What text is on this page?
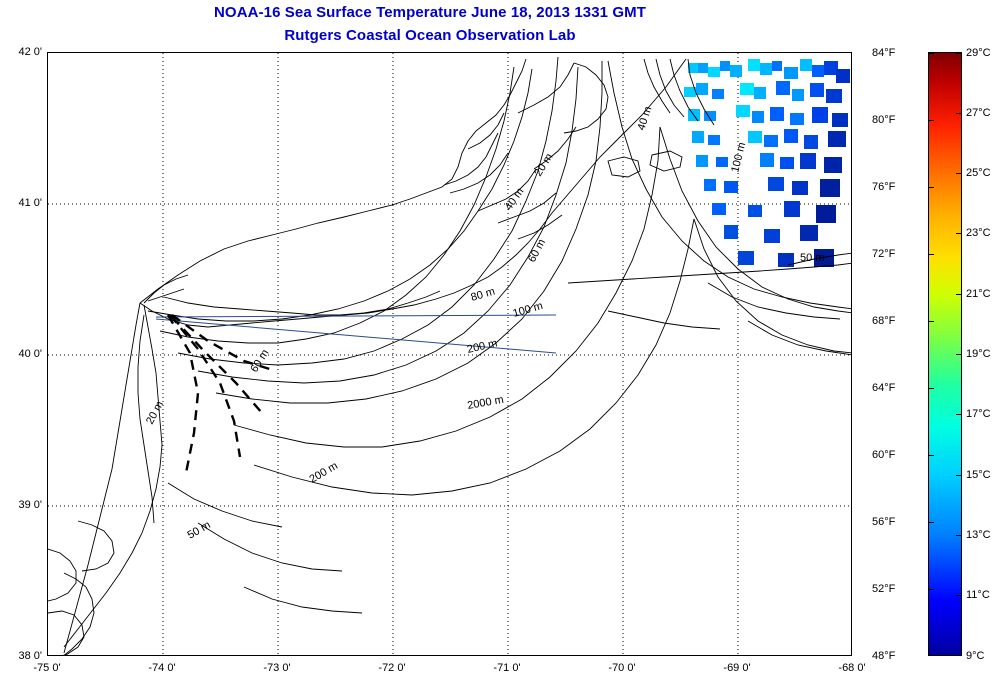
NOAA-16 Sea Surface Temperature June 18, 2013 1331 GMT
Rutgers Coastal Ocean Observation Lab
20 m
40 m
40 m
100 m
50 m
60 m
80 m
100 m
200 m
2000 m
60 m
20 m
200 m
50 m
-75 0'	-74 0'	-73 0'	-72 0'	-71 0'	-70 0'	-69 0'	-68 0'
42 0'
41 0'
40 0'
39 0'
38 0'
84°F
80°F
76°F
72°F
68°F
64°F
60°F
56°F
52°F
48°F
29°C
27°C
25°C
23°C
21°C
19°C
17°C
15°C
13°C
11°C
9°C
